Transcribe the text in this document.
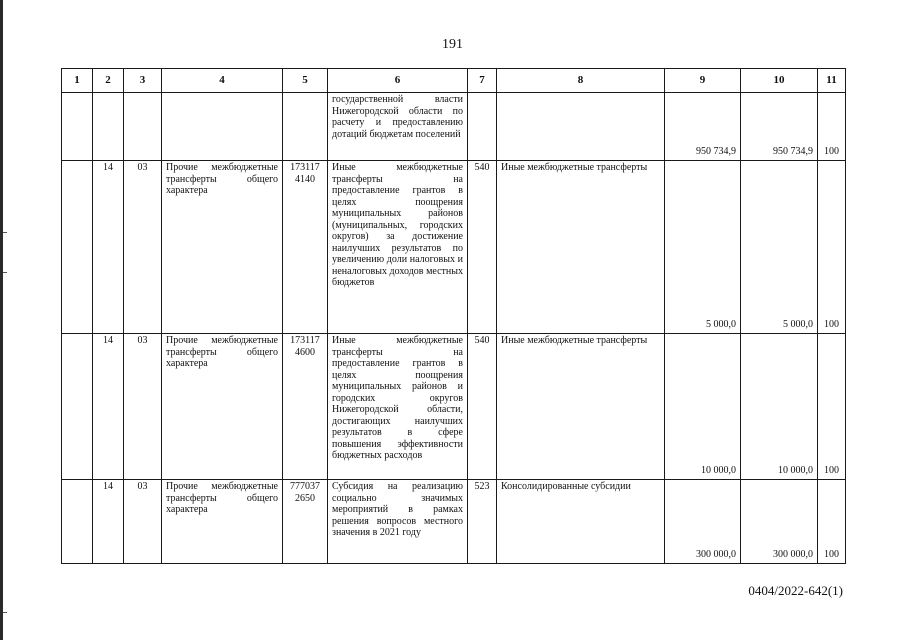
191
1	2	3	4	5	6	7	8	9	10	11
					государственной власти Нижегородской области по расчету и предоставлению дотаций бюджетам поселений			950 734,9	950 734,9	100
	14	03	Прочие межбюджетные трансферты общего характера	173117 4140	Иные межбюджетные трансферты на предоставление грантов в целях поощрения муниципальных районов (муниципальных, городских округов) за достижение наилучших результатов по увеличению доли налоговых и неналоговых доходов местных бюджетов	540	Иные межбюджетные трансферты	5 000,0	5 000,0	100
	14	03	Прочие межбюджетные трансферты общего характера	173117 4600	Иные межбюджетные трансферты на предоставление грантов в целях поощрения муниципальных районов и городских округов Нижегородской области, достигающих наилучших результатов в сфере повышения эффективности бюджетных расходов	540	Иные межбюджетные трансферты	10 000,0	10 000,0	100
	14	03	Прочие межбюджетные трансферты общего характера	777037 2650	Субсидия на реализацию социально значимых мероприятий в рамках решения вопросов местного значения в 2021 году	523	Консолидированные субсидии	300 000,0	300 000,0	100
0404/2022-642(1)
